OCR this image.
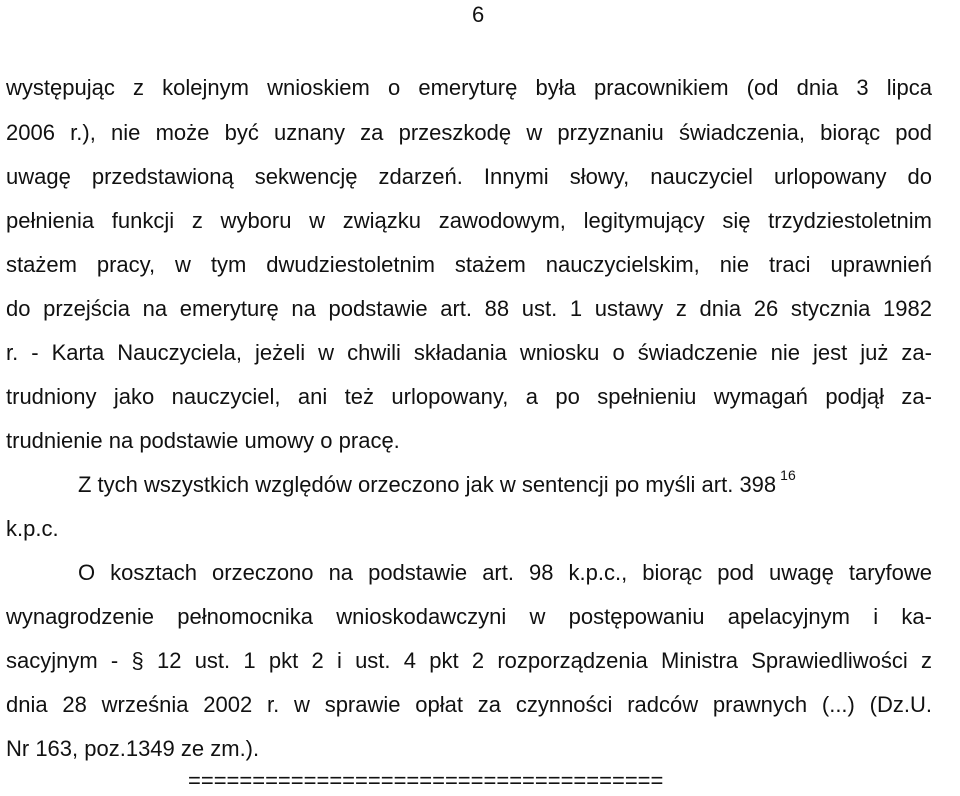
6
występując z kolejnym wnioskiem o emeryturę była pracownikiem (od dnia 3 lipca
2006 r.), nie może być uznany za przeszkodę w przyznaniu świadczenia, biorąc pod
uwagę przedstawioną sekwencję zdarzeń. Innymi słowy, nauczyciel urlopowany do
pełnienia funkcji z wyboru w związku zawodowym, legitymujący się trzydziestoletnim
stażem pracy, w tym dwudziestoletnim stażem nauczycielskim, nie traci uprawnień
do przejścia na emeryturę na podstawie art. 88 ust. 1 ustawy z dnia 26 stycznia 1982
r. - Karta Nauczyciela, jeżeli w chwili składania wniosku o świadczenie nie jest już za-
trudniony jako nauczyciel, ani też urlopowany, a po spełnieniu wymagań podjął za-
trudnienie na podstawie umowy o pracę.
Z tych wszystkich względów orzeczono jak w sentencji po myśli art. 398 $^{16}$
k.p.c.
O kosztach orzeczono na podstawie art. 98 k.p.c., biorąc pod uwagę taryfowe
wynagrodzenie pełnomocnika wnioskodawczyni w postępowaniu apelacyjnym i ka-
sacyjnym - § 12 ust. 1 pkt 2 i ust. 4 pkt 2 rozporządzenia Ministra Sprawiedliwości z
dnia 28 września 2002 r. w sprawie opłat za czynności radców prawnych (...) (Dz.U.
Nr 163, poz.1349 ze zm.).
=====================================
